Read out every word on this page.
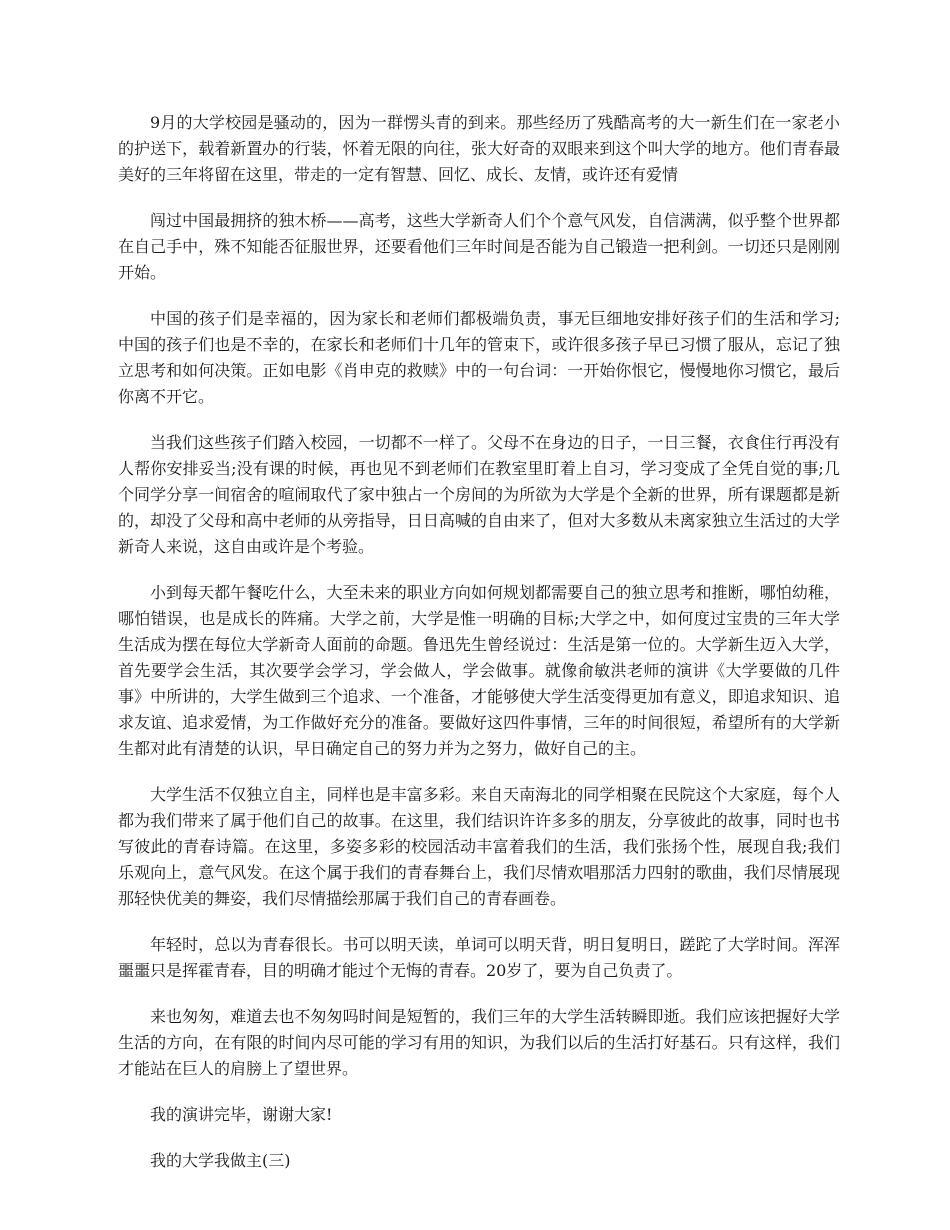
9月的大学校园是骚动的，因为一群愣头青的到来。那些经历了残酷高考的大一新生们在一家老小的护送下，载着新置办的行装，怀着无限的向往，张大好奇的双眼来到这个叫大学的地方。他们青春最美好的三年将留在这里，带走的一定有智慧、回忆、成长、友情，或许还有爱情

闯过中国最拥挤的独木桥——高考，这些大学新奇人们个个意气风发，自信满满，似乎整个世界都在自己手中，殊不知能否征服世界，还要看他们三年时间是否能为自己锻造一把利剑。一切还只是刚刚开始。

中国的孩子们是幸福的，因为家长和老师们都极端负责，事无巨细地安排好孩子们的生活和学习;中国的孩子们也是不幸的，在家长和老师们十几年的管束下，或许很多孩子早已习惯了服从，忘记了独立思考和如何决策。正如电影《肖申克的救赎》中的一句台词：一开始你恨它，慢慢地你习惯它，最后你离不开它。

当我们这些孩子们踏入校园，一切都不一样了。父母不在身边的日子，一日三餐，衣食住行再没有人帮你安排妥当;没有课的时候，再也见不到老师们在教室里盯着上自习，学习变成了全凭自觉的事;几个同学分享一间宿舍的喧闹取代了家中独占一个房间的为所欲为大学是个全新的世界，所有课题都是新的，却没了父母和高中老师的从旁指导，日日高喊的自由来了，但对大多数从未离家独立生活过的大学新奇人来说，这自由或许是个考验。

小到每天都午餐吃什么，大至未来的职业方向如何规划都需要自己的独立思考和推断，哪怕幼稚，哪怕错误，也是成长的阵痛。大学之前，大学是惟一明确的目标;大学之中，如何度过宝贵的三年大学生活成为摆在每位大学新奇人面前的命题。鲁迅先生曾经说过：生活是第一位的。大学新生迈入大学，首先要学会生活，其次要学会学习，学会做人，学会做事。就像俞敏洪老师的演讲《大学要做的几件事》中所讲的，大学生做到三个追求、一个准备，才能够使大学生活变得更加有意义，即追求知识、追求友谊、追求爱情，为工作做好充分的准备。要做好这四件事情，三年的时间很短，希望所有的大学新生都对此有清楚的认识，早日确定自己的努力并为之努力，做好自己的主。

大学生活不仅独立自主，同样也是丰富多彩。来自天南海北的同学相聚在民院这个大家庭，每个人都为我们带来了属于他们自己的故事。在这里，我们结识许许多多的朋友，分享彼此的故事，同时也书写彼此的青春诗篇。在这里，多姿多彩的校园活动丰富着我们的生活，我们张扬个性，展现自我;我们乐观向上，意气风发。在这个属于我们的青春舞台上，我们尽情欢唱那活力四射的歌曲，我们尽情展现那轻快优美的舞姿，我们尽情描绘那属于我们自己的青春画卷。

年轻时，总以为青春很长。书可以明天读，单词可以明天背，明日复明日，蹉跎了大学时间。浑浑噩噩只是挥霍青春，目的明确才能过个无悔的青春。20岁了，要为自己负责了。

来也匆匆，难道去也不匆匆吗时间是短暂的，我们三年的大学生活转瞬即逝。我们应该把握好大学生活的方向，在有限的时间内尽可能的学习有用的知识，为我们以后的生活打好基石。只有这样，我们才能站在巨人的肩膀上了望世界。

我的演讲完毕，谢谢大家!

我的大学我做主(三)
